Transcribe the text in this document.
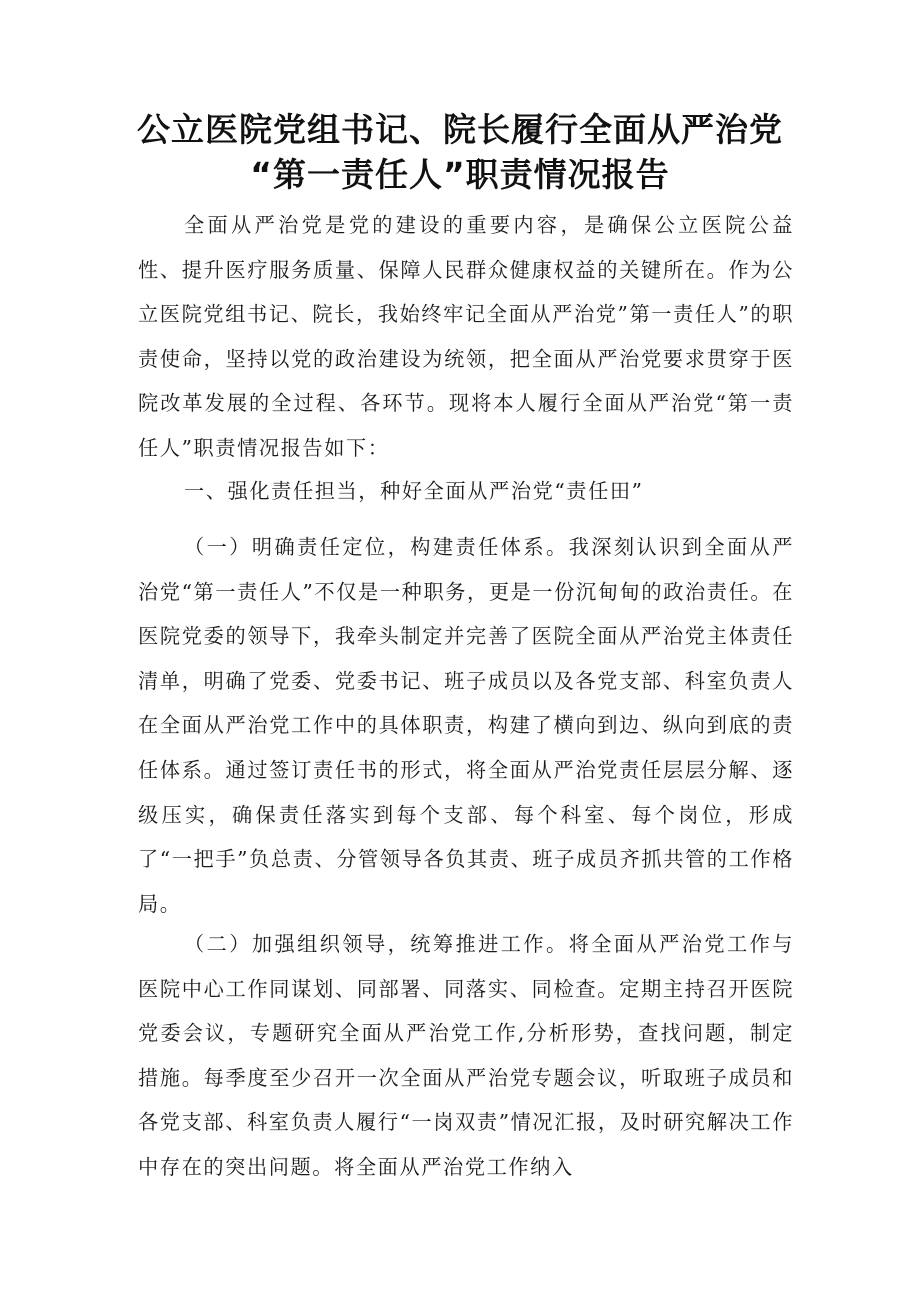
公立医院党组书记、院长履行全面从严治党
“第一责任人”职责情况报告

全面从严治党是党的建设的重要内容，是确保公立医院公益性、提升医疗服务质量、保障人民群众健康权益的关键所在。作为公立医院党组书记、院长，我始终牢记全面从严治党”第一责任人”的职责使命，坚持以党的政治建设为统领，把全面从严治党要求贯穿于医院改革发展的全过程、各环节。现将本人履行全面从严治党“第一责任人”职责情况报告如下：

一、强化责任担当，种好全面从严治党“责任田”

（一）明确责任定位，构建责任体系。我深刻认识到全面从严治党“第一责任人”不仅是一种职务，更是一份沉甸甸的政治责任。在医院党委的领导下，我牵头制定并完善了医院全面从严治党主体责任清单，明确了党委、党委书记、班子成员以及各党支部、科室负责人在全面从严治党工作中的具体职责，构建了横向到边、纵向到底的责任体系。通过签订责任书的形式，将全面从严治党责任层层分解、逐级压实，确保责任落实到每个支部、每个科室、每个岗位，形成了“一把手”负总责、分管领导各负其责、班子成员齐抓共管的工作格局。

（二）加强组织领导，统筹推进工作。将全面从严治党工作与医院中心工作同谋划、同部署、同落实、同检查。定期主持召开医院党委会议，专题研究全面从严治党工作,分析形势，查找问题，制定措施。每季度至少召开一次全面从严治党专题会议，听取班子成员和各党支部、科室负责人履行“一岗双责”情况汇报，及时研究解决工作中存在的突出问题。将全面从严治党工作纳入
